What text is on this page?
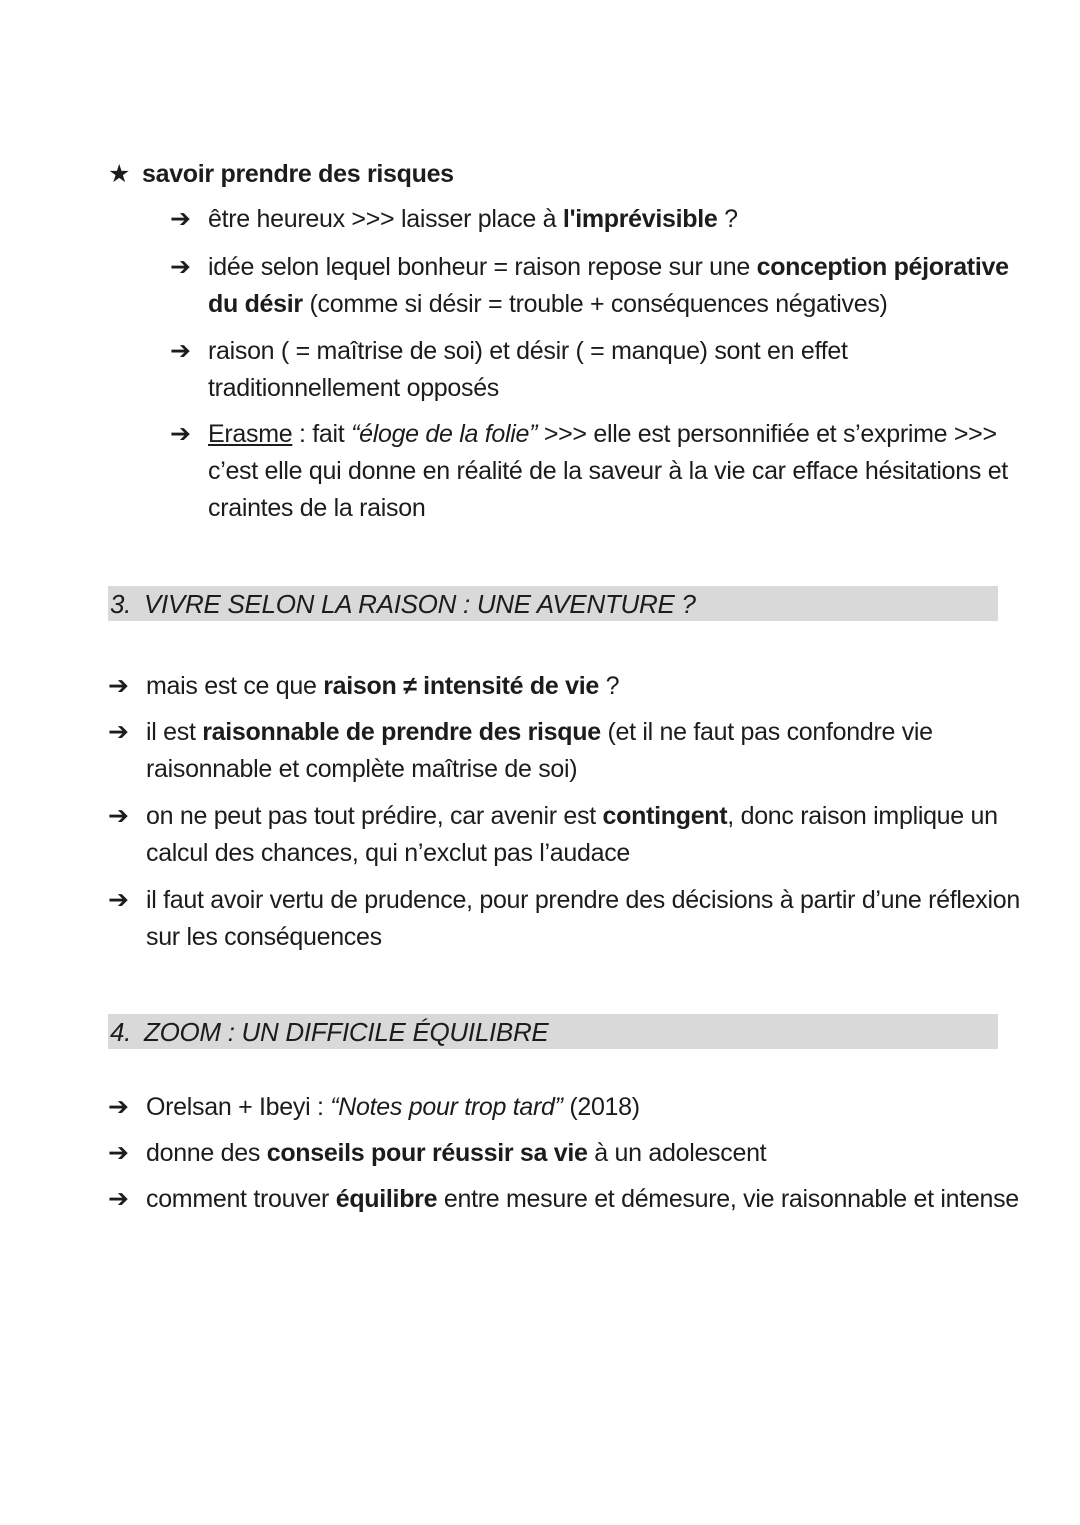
★ savoir prendre des risques
➔ être heureux >>> laisser place à l'imprévisible ?
➔ idée selon lequel bonheur = raison repose sur une conception péjorative du désir (comme si désir = trouble + conséquences négatives)
➔ raison ( = maîtrise de soi) et désir ( = manque) sont en effet traditionnellement opposés
➔ Erasme : fait “éloge de la folie” >>> elle est personnifiée et s’exprime >>> c’est elle qui donne en réalité de la saveur à la vie car efface hésitations et craintes de la raison
3. VIVRE SELON LA RAISON : UNE AVENTURE ?
➔ mais est ce que raison ≠ intensité de vie ?
➔ il est raisonnable de prendre des risque (et il ne faut pas confondre vie raisonnable et complète maîtrise de soi)
➔ on ne peut pas tout prédire, car avenir est contingent, donc raison implique un calcul des chances, qui n’exclut pas l’audace
➔ il faut avoir vertu de prudence, pour prendre des décisions à partir d’une réflexion sur les conséquences
4. ZOOM : UN DIFFICILE ÉQUILIBRE
➔ Orelsan + Ibeyi : “Notes pour trop tard” (2018)
➔ donne des conseils pour réussir sa vie à un adolescent
➔ comment trouver équilibre entre mesure et démesure, vie raisonnable et intense
